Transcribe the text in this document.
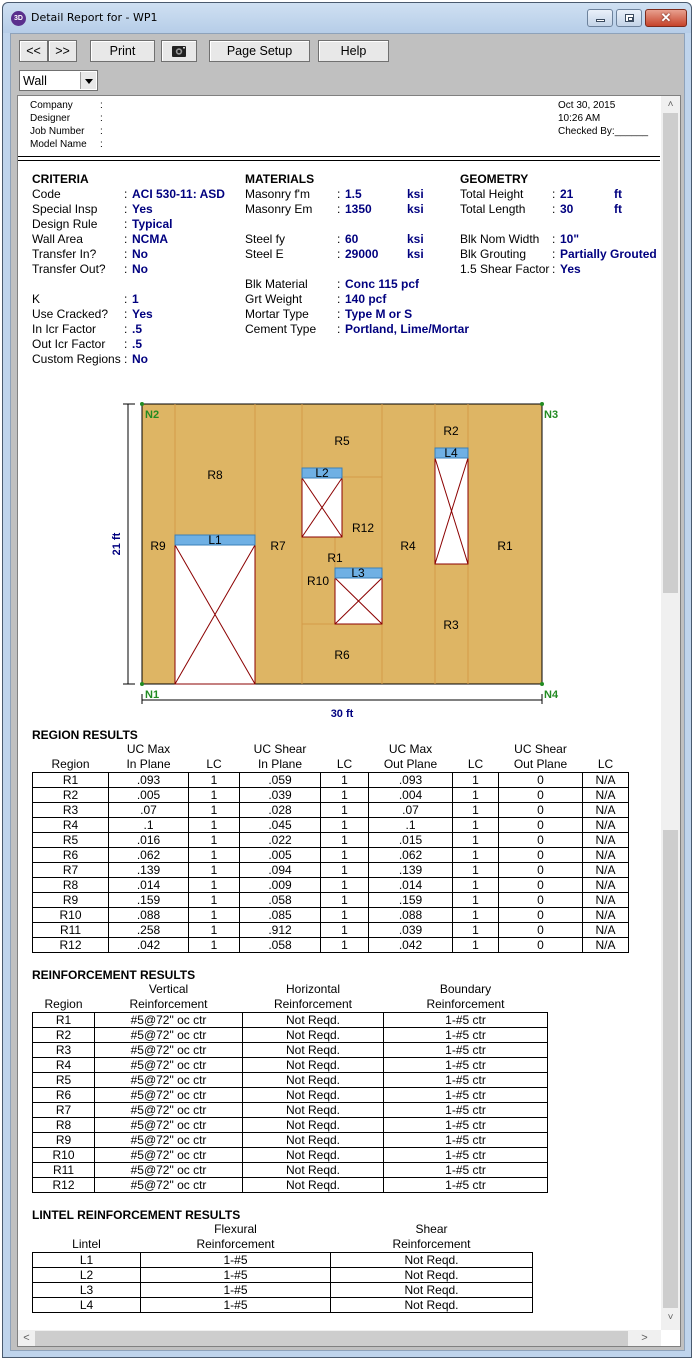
3D Detail Report for - WP1	✕
<<	>>	Print	Page Setup	Help
Wall
Company	:
Designer	:
Job Number :
Model Name :
Oct 30, 2015
10:26 AM
Checked By:______
CRITERIA	MATERIALS	GEOMETRY
Code	: ACI 530-11: ASD
Special Insp : Yes
Design Rule : Typical
Wall Area	: NCMA
Transfer In? : No
Transfer Out? : No
K	: 1
Use Cracked? : Yes
In Icr Factor : .5
Out Icr Factor : .5
Custom Regions : No
Masonry f'm : 1.5	ksi
Masonry Em : 1350	ksi
Steel fy	: 60	ksi
Steel E	: 29000 ksi
Blk Material : Conc 115 pcf
Grt Weight	: 140 pcf
Mortar Type : Type M or S
Cement Type : Portland, Lime/Mortar
Total Height : 21	ft
Total Length : 30	ft
Blk Nom Width : 10"
Blk Grouting : Partially Grouted
1.5 Shear Factor : Yes
L1
L2
L3
L4
R1
R2
R3
R4
R5
R6
R7
R8
R9
R10
R1
R12
N2	N3
N1	N4
21 ft
30 ft
REGION RESULTS
	UC Max		UC Shear		UC Max		UC Shear	
Region	In Plane	LC	In Plane	LC	Out Plane	LC	Out Plane	LC
R1	.093	1	.059	1	.093	1	0	N/A
R2	.005	1	.039	1	.004	1	0	N/A
R3	.07	1	.028	1	.07	1	0	N/A
R4	.1	1	.045	1	.1	1	0	N/A
R5	.016	1	.022	1	.015	1	0	N/A
R6	.062	1	.005	1	.062	1	0	N/A
R7	.139	1	.094	1	.139	1	0	N/A
R8	.014	1	.009	1	.014	1	0	N/A
R9	.159	1	.058	1	.159	1	0	N/A
R10	.088	1	.085	1	.088	1	0	N/A
R11	.258	1	.912	1	.039	1	0	N/A
R12	.042	1	.058	1	.042	1	0	N/A
REINFORCEMENT RESULTS
	Vertical	Horizontal	Boundary
Region	Reinforcement	Reinforcement	Reinforcement
R1	#5@72" oc ctr	Not Reqd.	1-#5 ctr
R2	#5@72" oc ctr	Not Reqd.	1-#5 ctr
R3	#5@72" oc ctr	Not Reqd.	1-#5 ctr
R4	#5@72" oc ctr	Not Reqd.	1-#5 ctr
R5	#5@72" oc ctr	Not Reqd.	1-#5 ctr
R6	#5@72" oc ctr	Not Reqd.	1-#5 ctr
R7	#5@72" oc ctr	Not Reqd.	1-#5 ctr
R8	#5@72" oc ctr	Not Reqd.	1-#5 ctr
R9	#5@72" oc ctr	Not Reqd.	1-#5 ctr
R10	#5@72" oc ctr	Not Reqd.	1-#5 ctr
R11	#5@72" oc ctr	Not Reqd.	1-#5 ctr
R12	#5@72" oc ctr	Not Reqd.	1-#5 ctr
LINTEL REINFORCEMENT RESULTS
	Flexural	Shear
Lintel	Reinforcement	Reinforcement
L1	1-#5	Not Reqd.
L2	1-#5	Not Reqd.
L3	1-#5	Not Reqd.
L4	1-#5	Not Reqd.
˄
˅
<	>
